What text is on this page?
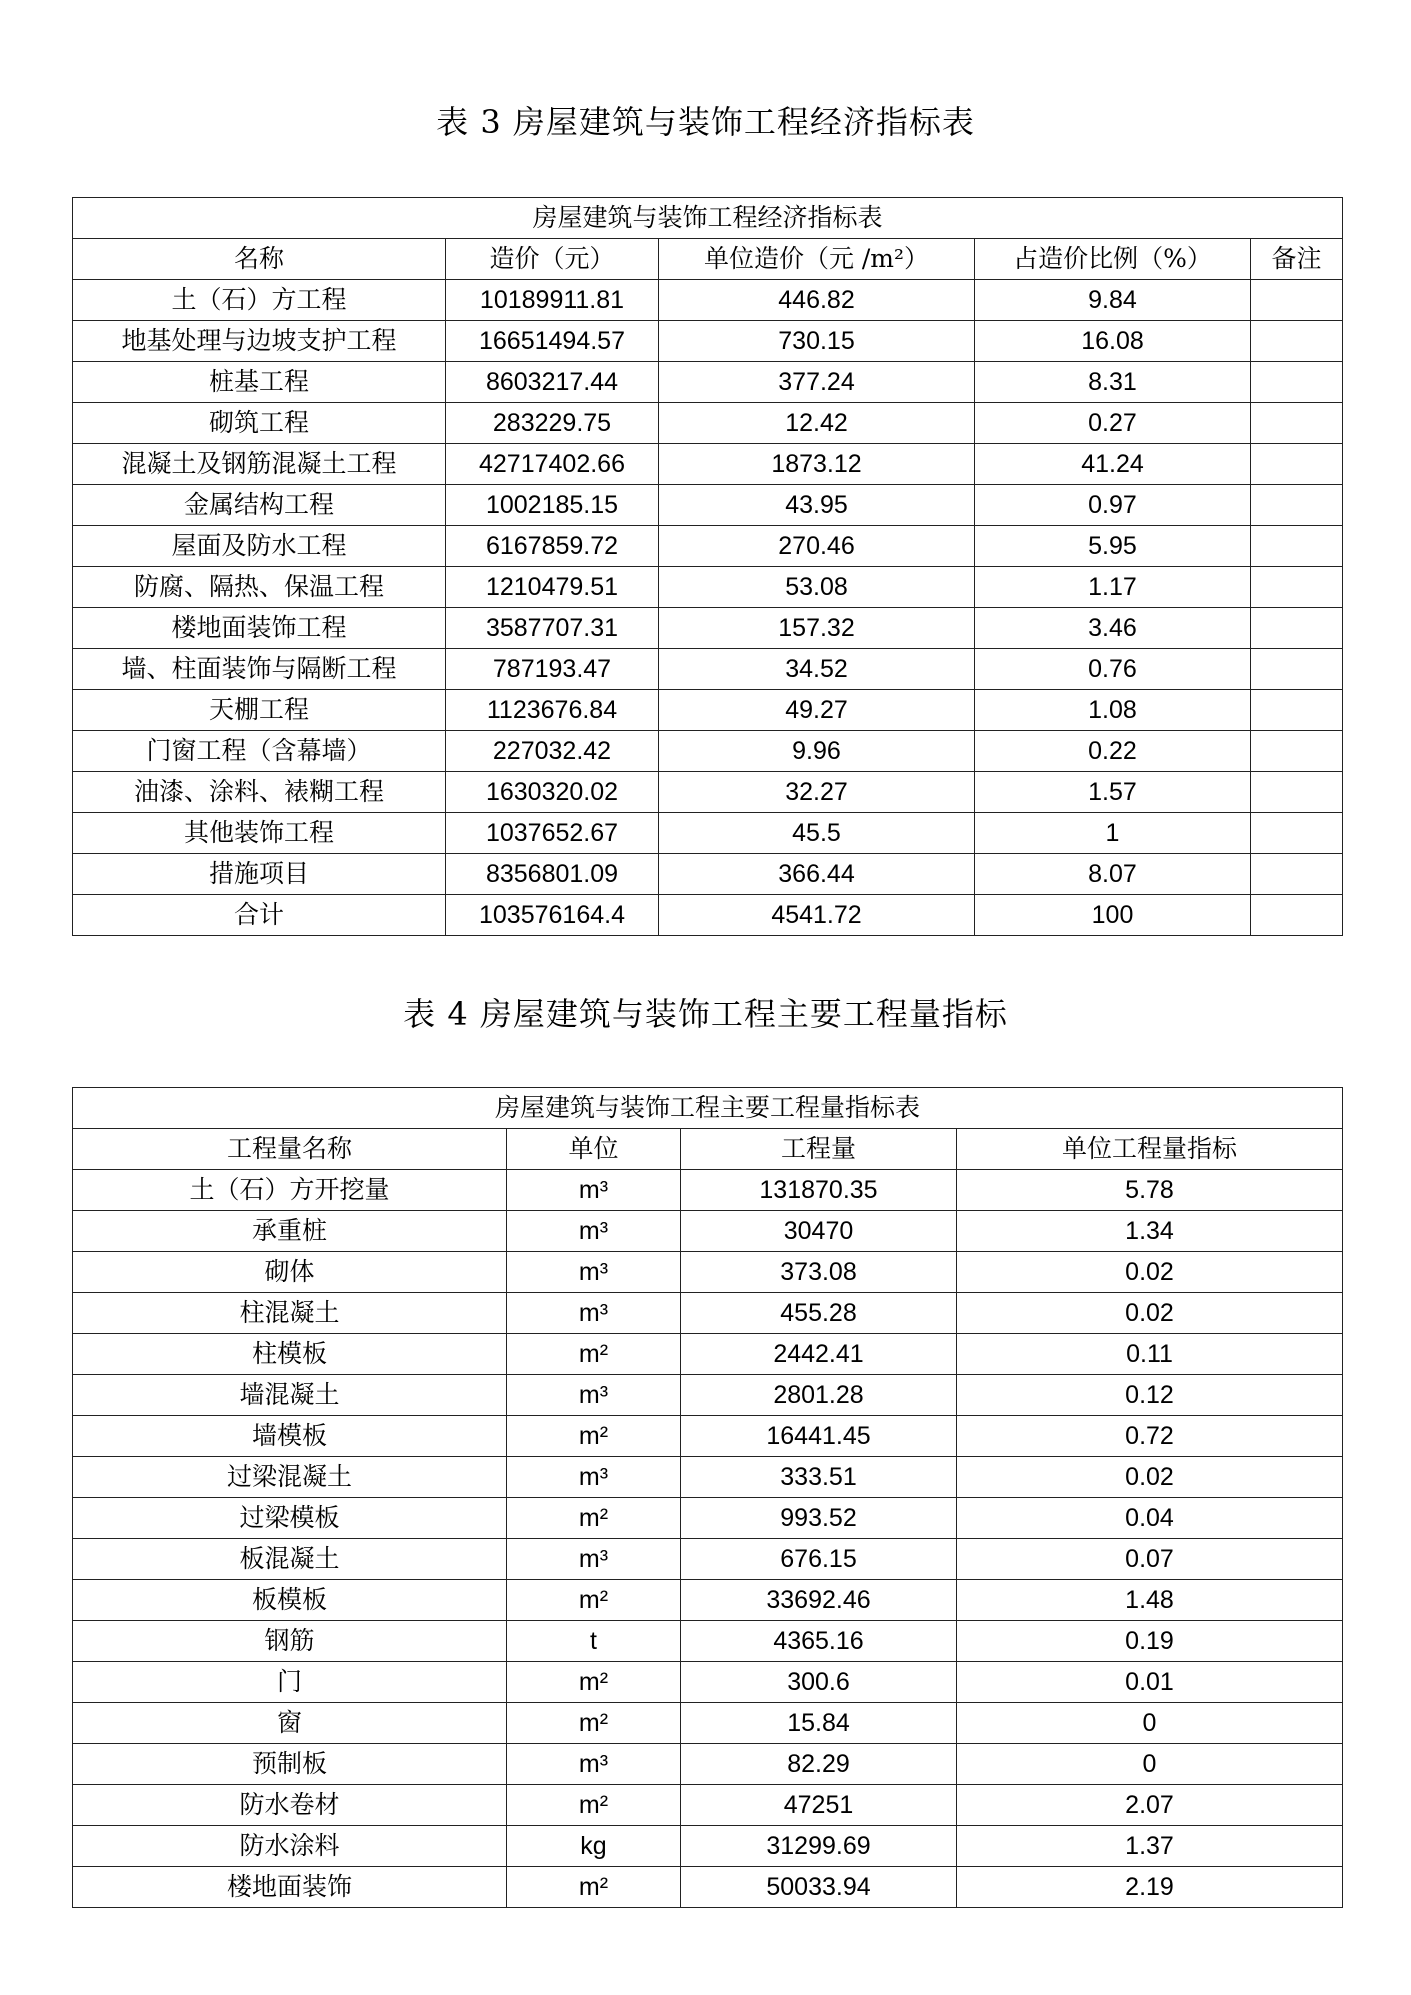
表 3 房屋建筑与装饰工程经济指标表
房屋建筑与装饰工程经济指标表				
名称	造价（元）	单位造价（元 /m²）	占造价比例（%）	备注
土（石）方工程	10189911.81	446.82	9.84	
地基处理与边坡支护工程	16651494.57	730.15	16.08	
桩基工程	8603217.44	377.24	8.31	
砌筑工程	283229.75	12.42	0.27	
混凝土及钢筋混凝土工程	42717402.66	1873.12	41.24	
金属结构工程	1002185.15	43.95	0.97	
屋面及防水工程	6167859.72	270.46	5.95	
防腐、隔热、保温工程	1210479.51	53.08	1.17	
楼地面装饰工程	3587707.31	157.32	3.46	
墙、柱面装饰与隔断工程	787193.47	34.52	0.76	
天棚工程	1123676.84	49.27	1.08	
门窗工程（含幕墙）	227032.42	9.96	0.22	
油漆、涂料、裱糊工程	1630320.02	32.27	1.57	
其他装饰工程	1037652.67	45.5	1	
措施项目	8356801.09	366.44	8.07	
合计	103576164.4	4541.72	100	
表 4 房屋建筑与装饰工程主要工程量指标
房屋建筑与装饰工程主要工程量指标表			
工程量名称	单位	工程量	单位工程量指标
土（石）方开挖量	m³	131870.35	5.78
承重桩	m³	30470	1.34
砌体	m³	373.08	0.02
柱混凝土	m³	455.28	0.02
柱模板	m²	2442.41	0.11
墙混凝土	m³	2801.28	0.12
墙模板	m²	16441.45	0.72
过梁混凝土	m³	333.51	0.02
过梁模板	m²	993.52	0.04
板混凝土	m³	676.15	0.07
板模板	m²	33692.46	1.48
钢筋	t	4365.16	0.19
门	m²	300.6	0.01
窗	m²	15.84	0
预制板	m³	82.29	0
防水卷材	m²	47251	2.07
防水涂料	kg	31299.69	1.37
楼地面装饰	m²	50033.94	2.19
